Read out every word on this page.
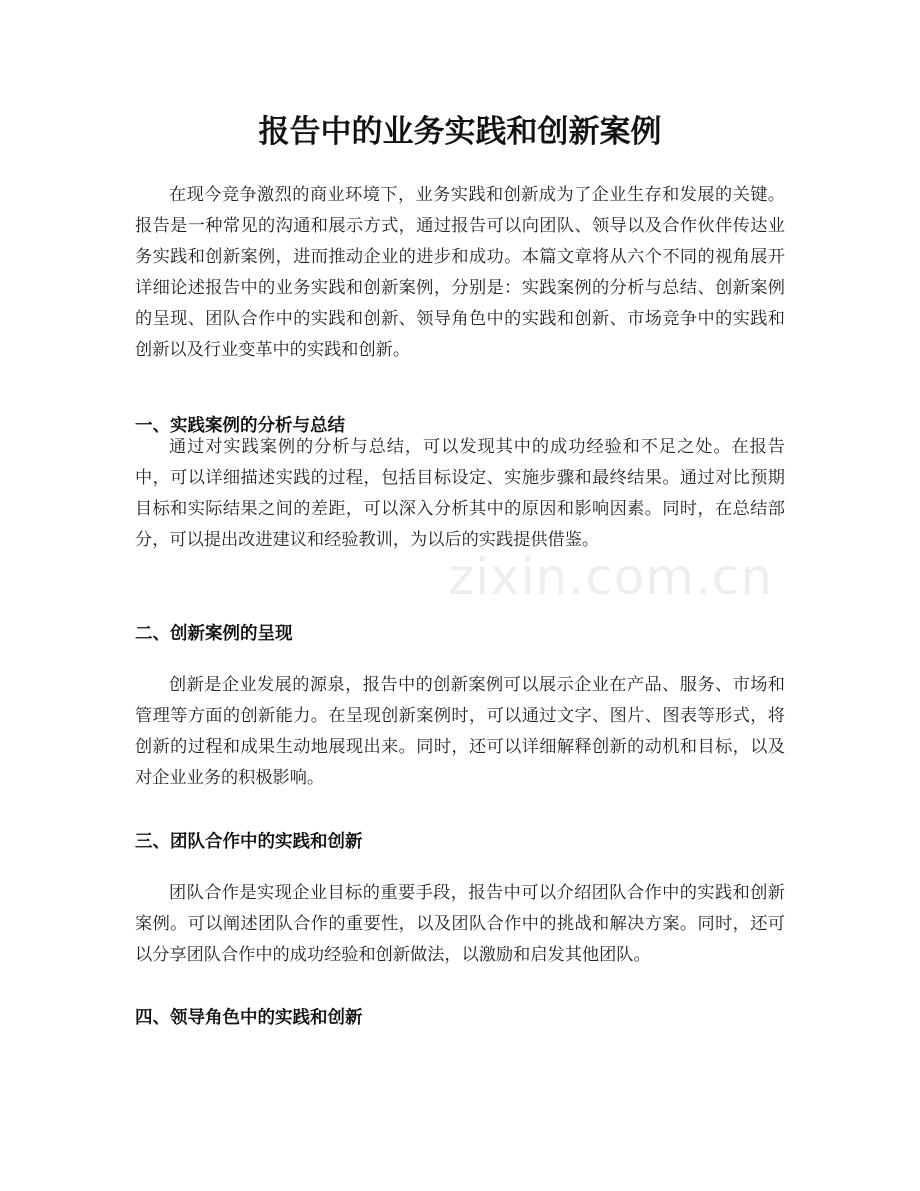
报告中的业务实践和创新案例

在现今竞争激烈的商业环境下，业务实践和创新成为了企业生存和发展的关键。报告是一种常见的沟通和展示方式，通过报告可以向团队、领导以及合作伙伴传达业务实践和创新案例，进而推动企业的进步和成功。本篇文章将从六个不同的视角展开详细论述报告中的业务实践和创新案例，分别是：实践案例的分析与总结、创新案例的呈现、团队合作中的实践和创新、领导角色中的实践和创新、市场竞争中的实践和创新以及行业变革中的实践和创新。

一、实践案例的分析与总结

通过对实践案例的分析与总结，可以发现其中的成功经验和不足之处。在报告中，可以详细描述实践的过程，包括目标设定、实施步骤和最终结果。通过对比预期目标和实际结果之间的差距，可以深入分析其中的原因和影响因素。同时，在总结部分，可以提出改进建议和经验教训，为以后的实践提供借鉴。

zixin.com.cn
二、创新案例的呈现

创新是企业发展的源泉，报告中的创新案例可以展示企业在产品、服务、市场和管理等方面的创新能力。在呈现创新案例时，可以通过文字、图片、图表等形式，将创新的过程和成果生动地展现出来。同时，还可以详细解释创新的动机和目标，以及对企业业务的积极影响。

三、团队合作中的实践和创新

团队合作是实现企业目标的重要手段，报告中可以介绍团队合作中的实践和创新案例。可以阐述团队合作的重要性，以及团队合作中的挑战和解决方案。同时，还可以分享团队合作中的成功经验和创新做法，以激励和启发其他团队。

四、领导角色中的实践和创新
